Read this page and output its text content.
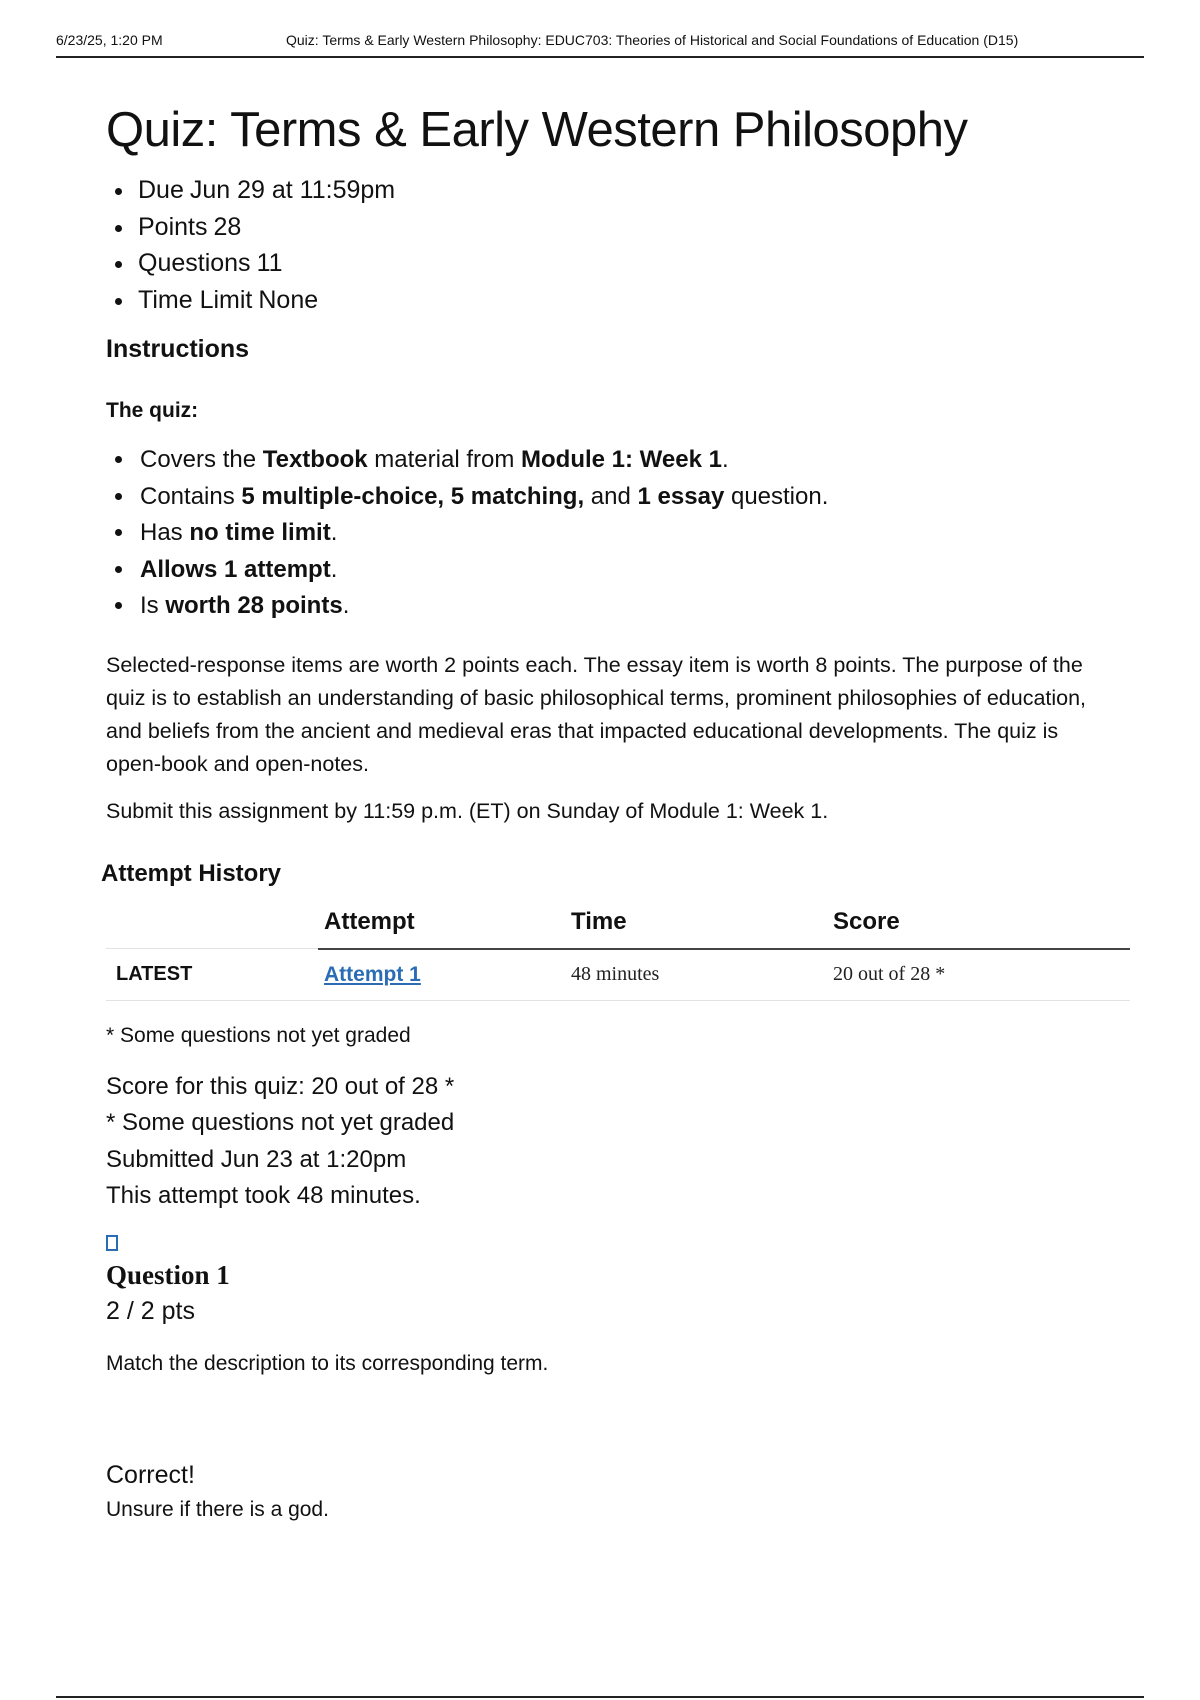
6/23/25, 1:20 PM	Quiz: Terms & Early Western Philosophy: EDUC703: Theories of Historical and Social Foundations of Education (D15)
Quiz: Terms & Early Western Philosophy
• Due Jun 29 at 11:59pm
• Points 28
• Questions 11
• Time Limit None
Instructions
The quiz:
• Covers the Textbook material from Module 1: Week 1.
• Contains 5 multiple-choice, 5 matching, and 1 essay question.
• Has no time limit.
• Allows 1 attempt.
• Is worth 28 points.

Selected-response items are worth 2 points each. The essay item is worth 8 points. The purpose of the quiz is to establish an understanding of basic philosophical terms, prominent philosophies of education, and beliefs from the ancient and medieval eras that impacted educational developments. The quiz is open-book and open-notes.

Submit this assignment by 11:59 p.m. (ET) on Sunday of Module 1: Week 1.

Attempt History
	Attempt	Time	Score
LATEST	Attempt 1	48 minutes	20 out of 28 *

* Some questions not yet graded

Score for this quiz: 20 out of 28 *
* Some questions not yet graded
Submitted Jun 23 at 1:20pm
This attempt took 48 minutes.
Question 1
2 / 2 pts

Match the description to its corresponding term.

Correct!
Unsure if there is a god.
